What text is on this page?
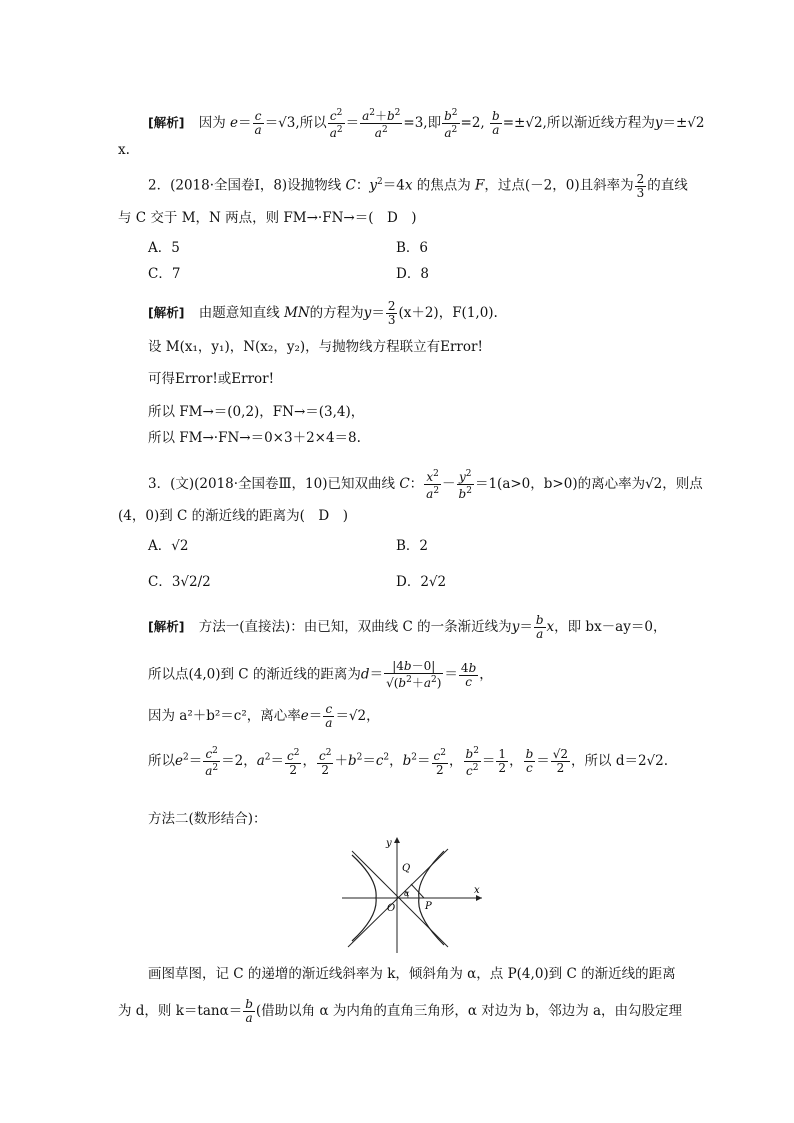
[解析] 因为 $e= \frac{c}{a} =√3$,所以 $\frac{c^2}{a^2} = \frac{a^2+b^2}{a^2} =3$,即 $\frac{b^2}{a^2} =2$, $\frac{b}{a} =\pm√2$,所以渐近线方程为y＝±√2
x.
2．(2018·全国卷Ⅰ，8)设抛物线 C：$y^2=4x$ 的焦点为 F，过点(－2，0)且斜率为 $\frac{2}{3}$ 的直线
与 C 交于 M，N 两点，则 FM→·FN→＝(　D　)
A．5	B．6
C．7	D．8
[解析] 由题意知直线 MN的方程为$y= \frac{2}{3} (x+2)$，F(1,0).
设 M(x₁，y₁)，N(x₂，y₂)，与抛物线方程联立有Error!
可得Error!或Error!
所以 FM→＝(0,2)，FN→＝(3,4)，
所以 FM→·FN→＝0×3＋2×4＝8.
3．(文)(2018·全国卷Ⅲ，10)已知双曲线 C： $\frac{x^2}{a^2} - \frac{y^2}{b^2} =1(a>0$，b>0)的离心率为√2，则点
(4，0)到 C 的渐近线的距离为(　D　)
A．√2	B．2
C．3√2/2	D．2√2
[解析] 方法一(直接法)：由已知，双曲线 C 的一条渐近线为$y= \frac{b}{a}$ x，即 bx－ay＝0，
所以点(4,0)到 C 的渐近线的距离为$d= \frac{|4b-0|}{√(b^2+a^2)} = \frac{4b}{c}$ ，
因为 a²＋b²＝c²，离心率$e= \frac{c}{a} =√2$，
所以$e^2= \frac{c^2}{a^2} =2$，$a^2= \frac{c^2}{2}$ ， $\frac{c^2}{2} +b^2=c^2$，$b^2= \frac{c^2}{2}$ ， $\frac{b^2}{c^2} = \frac{1}{2}$ ， $\frac{b}{c} = \frac{√2}{2}$ ，所以 d＝2√2.
方法二(数形结合)：
y
Q
α
O	P
x
画图草图，记 C 的递增的渐近线斜率为 k，倾斜角为 α，点 P(4,0)到 C 的渐近线的距离
为 d，则 $k=\tan\alpha= \frac{b}{a}$ (借助以角 α 为内角的直角三角形，α 对边为 b，邻边为 a，由勾股定理
